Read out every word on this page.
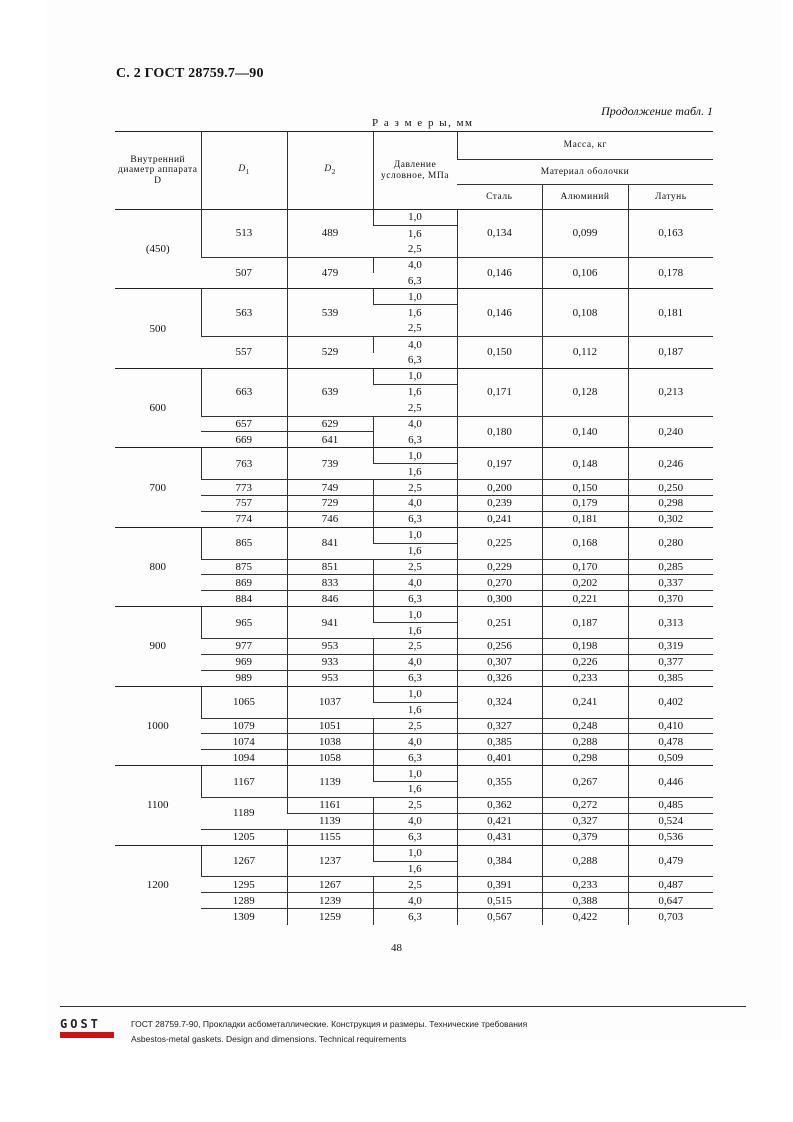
С. 2 ГОСТ 28759.7—90
Продолжение табл. 1
Р а з м е р ы, мм
Внутренний диаметр аппарата D	$D_1$	$D_2$	Давление условное, МПа	Масса, кг		
				Материал оболочки		
				Сталь	Алюминий	Латунь
(450)	513	489	1,0	0,134	0,099	0,163
			1,6			
			2,5			
	507	479	4,0	0,146	0,106	0,178
			6,3			
500	563	539	1,0	0,146	0,108	0,181
			1,6			
			2,5			
	557	529	4,0	0,150	0,112	0,187
			6,3			
600	663	639	1,0	0,171	0,128	0,213
			1,6			
			2,5			
	657	629	4,0	0,180	0,140	0,240
	669	641	6,3			
700	763	739	1,0	0,197	0,148	0,246
			1,6			
	773	749	2,5	0,200	0,150	0,250
	757	729	4,0	0,239	0,179	0,298
	774	746	6,3	0,241	0,181	0,302
800	865	841	1,0	0,225	0,168	0,280
			1,6			
	875	851	2,5	0,229	0,170	0,285
	869	833	4,0	0,270	0,202	0,337
	884	846	6,3	0,300	0,221	0,370
900	965	941	1,0	0,251	0,187	0,313
			1,6			
	977	953	2,5	0,256	0,198	0,319
	969	933	4,0	0,307	0,226	0,377
	989	953	6,3	0,326	0,233	0,385
1000	1065	1037	1,0	0,324	0,241	0,402
			1,6			
	1079	1051	2,5	0,327	0,248	0,410
	1074	1038	4,0	0,385	0,288	0,478
	1094	1058	6,3	0,401	0,298	0,509
1100	1167	1139	1,0	0,355	0,267	0,446
			1,6			
	1189	1161	2,5	0,362	0,272	0,485
		1139	4,0	0,421	0,327	0,524
	1205	1155	6,3	0,431	0,379	0,536
1200	1267	1237	1,0	0,384	0,288	0,479
			1,6			
	1295	1267	2,5	0,391	0,233	0,487
	1289	1239	4,0	0,515	0,388	0,647
	1309	1259	6,3	0,567	0,422	0,703
48
GOST	ГОСТ 28759.7-90, Прокладки асбометаллические. Конструкция и размеры. Технические требования
Asbestos-metal gaskets. Design and dimensions. Technical requirements
